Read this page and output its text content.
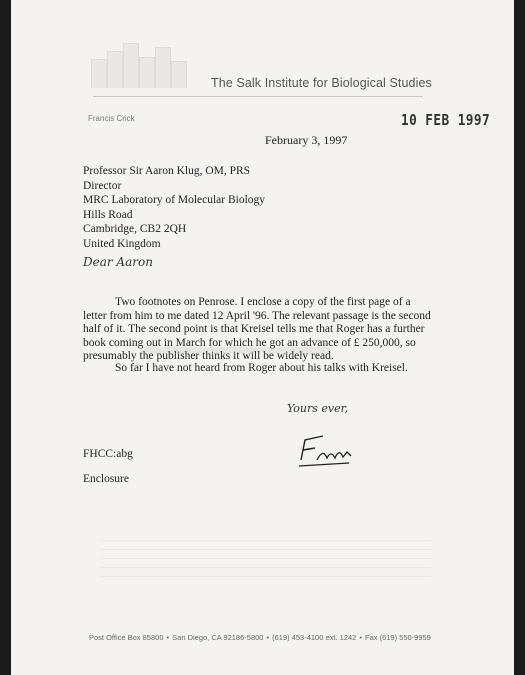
The Salk Institute for Biological Studies
Francis Crick	10 FEB 1997
February 3, 1997
Professor Sir Aaron Klug, OM, PRS
Director
MRC Laboratory of Molecular Biology
Hills Road
Cambridge, CB2 2QH
United Kingdom
Dear Aaron
Two footnotes on Penrose. I enclose a copy of the first page of a letter from him to me dated 12 April '96. The relevant passage is the second half of it. The second point is that Kreisel tells me that Roger has a further book coming out in March for which he got an advance of £ 250,000, so presumably the publisher thinks it will be widely read.
So far I have not heard from Roger about his talks with Kreisel.
Yours ever,
FHCC:abg
Enclosure
Post Office Box 85800 • San Diego, CA 92186-5800 • (619) 453-4100 ext. 1242 • Fax (619) 550-9959
